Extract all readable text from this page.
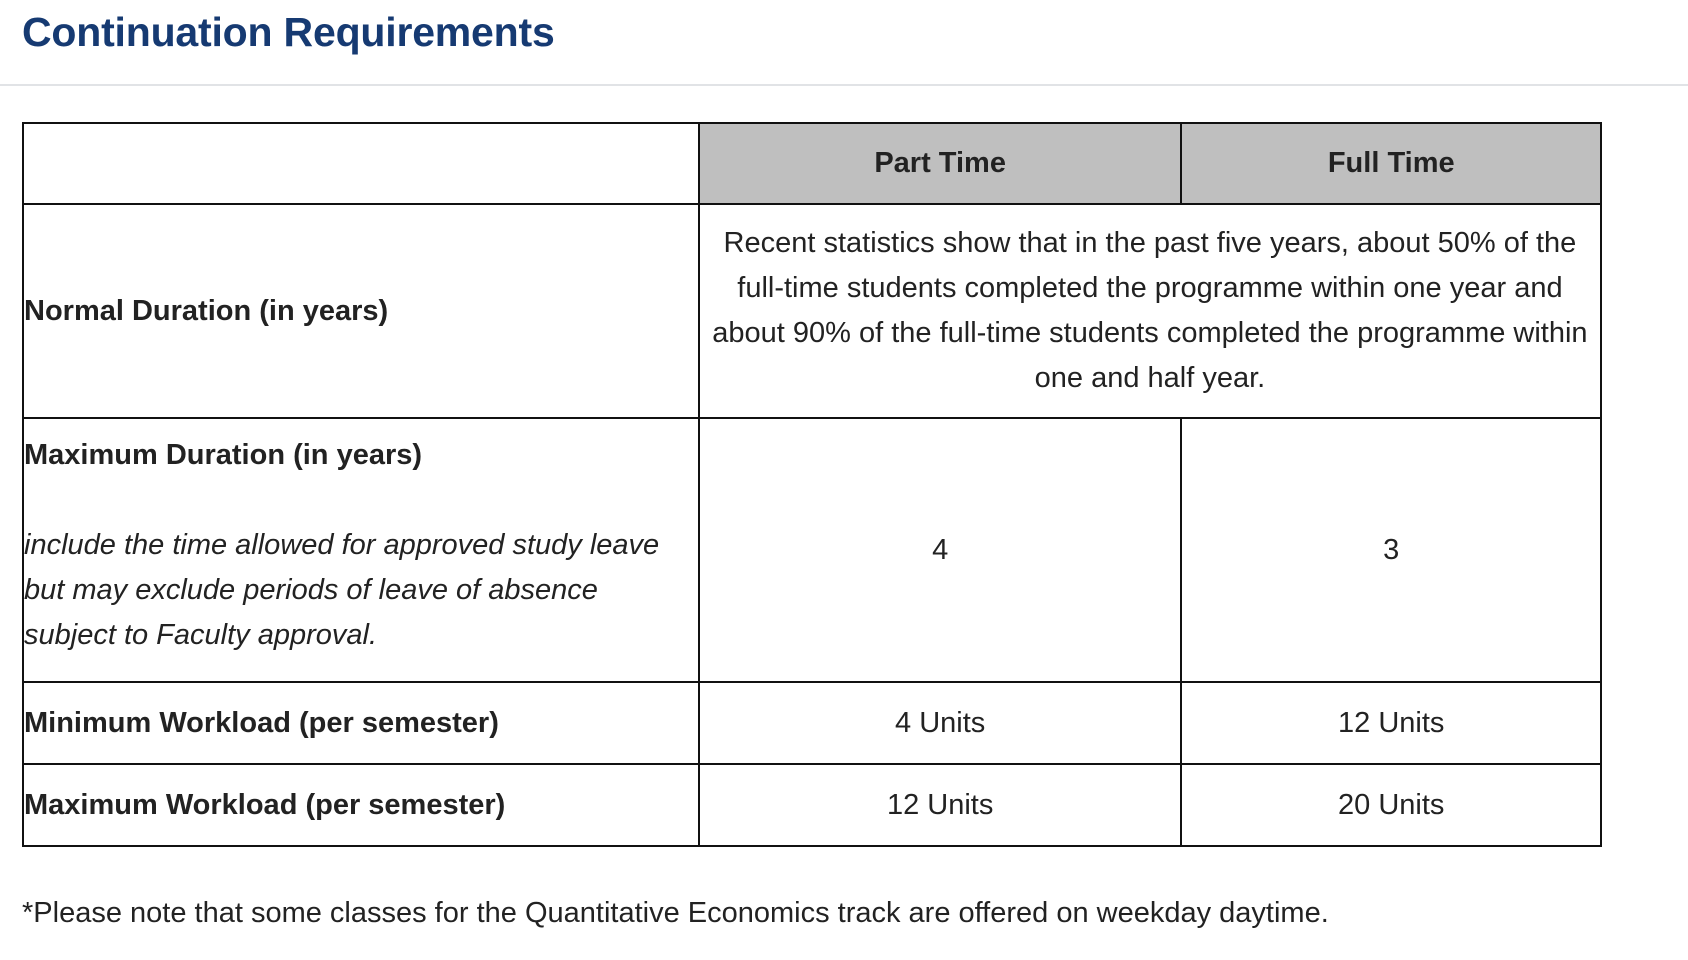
Continuation Requirements
	Part Time	Full Time
Normal Duration (in years)	Recent statistics show that in the past five years, about 50% of the full-time students completed the programme within one year and about 90% of the full-time students completed the programme within one and half year.	

Maximum Duration (in years)
include the time allowed for approved study leave but may exclude periods of leave of absence subject to Faculty approval.	4	3
Minimum Workload (per semester)	4 Units	12 Units
Maximum Workload (per semester)	12 Units	20 Units

*Please note that some classes for the Quantitative Economics track are offered on weekday daytime.
